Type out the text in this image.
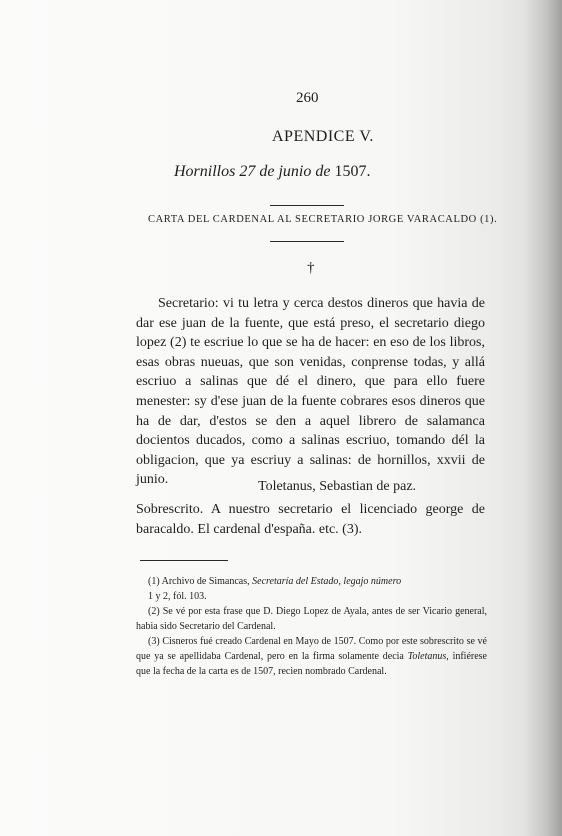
260
APENDICE V.
Hornillos 27 de junio de 1507.
CARTA DEL CARDENAL AL SECRETARIO JORGE VARACALDO (1).
†

Secretario: vi tu letra y cerca destos dineros que havia de dar ese juan de la fuente, que está preso, el secretario diego lopez (2) te escriue lo que se ha de hacer: en eso de los libros, esas obras nueuas, que son venidas, conprense todas, y allá escriuo a salinas que dé el dinero, que para ello fuere menester: sy d'ese juan de la fuente cobrares esos dineros que ha de dar, d'estos se den a aquel librero de salamanca docientos ducados, como a salinas escriuo, tomando dél la obligacion, que ya escriuy a salinas: de hornillos, xxvii de junio.	Toletanus, Sebastian de paz.
Sobrescrito. A nuestro secretario el licenciado george de baracaldo. El cardenal d'españa. etc. (3).

(1) Archivo de Simancas, Secretaría del Estado, legajo número

1 y 2, fól. 103.

(2) Se vé por esta frase que D. Diego Lopez de Ayala, antes de ser Vicario general, habia sido Secretario del Cardenal.

(3) Cisneros fué creado Cardenal en Mayo de 1507. Como por este sobrescrito se vé que ya se apellidaba Cardenal, pero en la firma solamente decia Toletanus, infiérese que la fecha de la carta es de 1507, recien nombrado Cardenal.
